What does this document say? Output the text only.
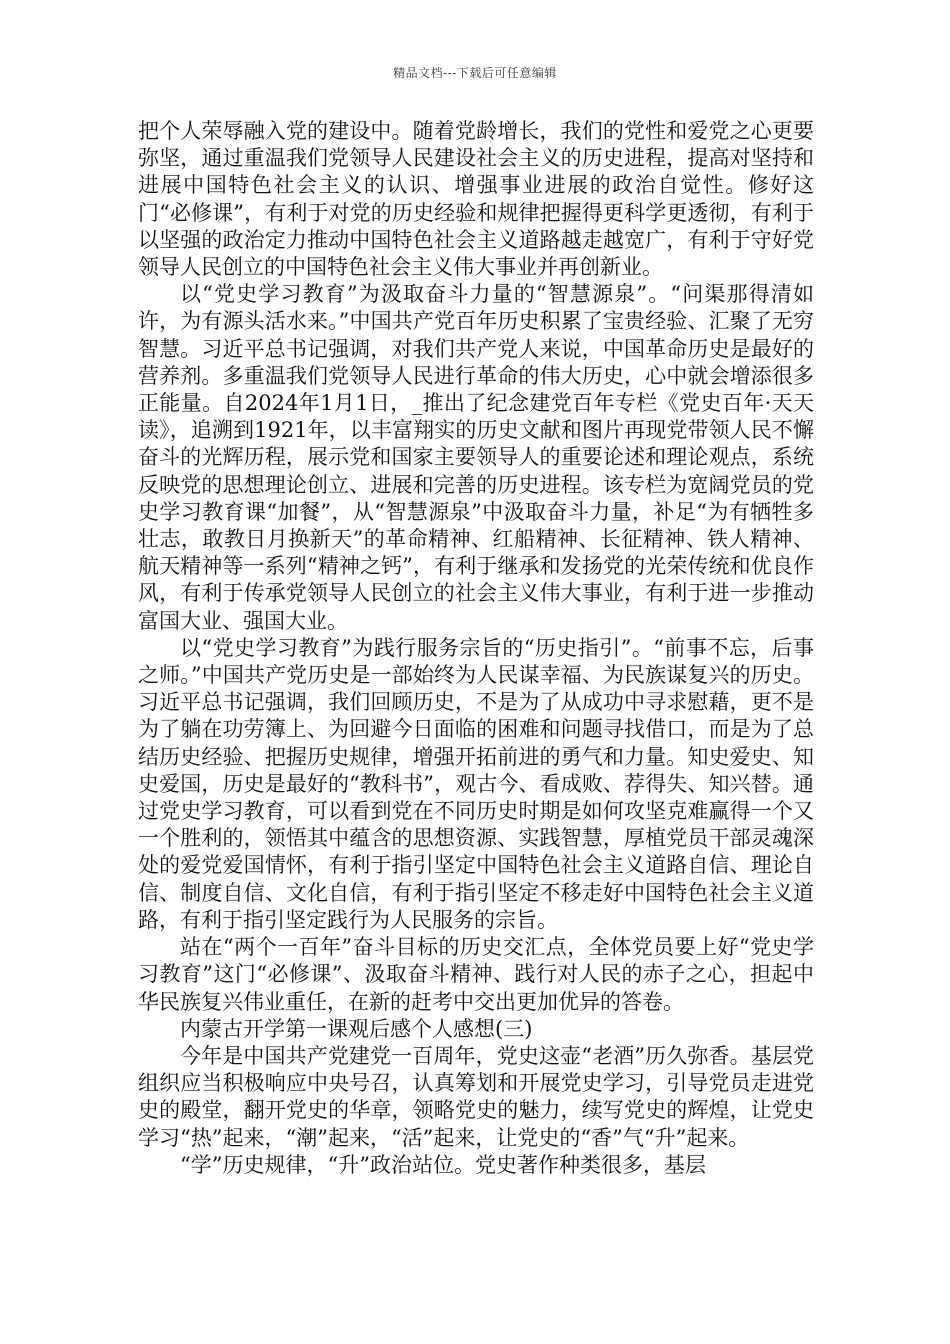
精品文档---下载后可任意编辑

把个人荣辱融入党的建设中。随着党龄增长，我们的党性和爱党之心更要弥坚，通过重温我们党领导人民建设社会主义的历史进程，提高对坚持和进展中国特色社会主义的认识、增强事业进展的政治自觉性。修好这门“必修课”，有利于对党的历史经验和规律把握得更科学更透彻，有利于以坚强的政治定力推动中国特色社会主义道路越走越宽广，有利于守好党领导人民创立的中国特色社会主义伟大事业并再创新业。

以“党史学习教育”为汲取奋斗力量的“智慧源泉”。“问渠那得清如许，为有源头活水来。”中国共产党百年历史积累了宝贵经验、汇聚了无穷智慧。习近平总书记强调，对我们共产党人来说，中国革命历史是最好的营养剂。多重温我们党领导人民进行革命的伟大历史，心中就会增添很多正能量。自2024年1月1日，_推出了纪念建党百年专栏《党史百年·天天读》，追溯到1921年，以丰富翔实的历史文献和图片再现党带领人民不懈奋斗的光辉历程，展示党和国家主要领导人的重要论述和理论观点，系统反映党的思想理论创立、进展和完善的历史进程。该专栏为宽阔党员的党史学习教育课“加餐”，从“智慧源泉”中汲取奋斗力量，补足“为有牺牲多壮志，敢教日月换新天”的革命精神、红船精神、长征精神、铁人精神、航天精神等一系列“精神之钙”，有利于继承和发扬党的光荣传统和优良作风，有利于传承党领导人民创立的社会主义伟大事业，有利于进一步推动富国大业、强国大业。

以“党史学习教育”为践行服务宗旨的“历史指引”。“前事不忘，后事之师。”中国共产党历史是一部始终为人民谋幸福、为民族谋复兴的历史。习近平总书记强调，我们回顾历史，不是为了从成功中寻求慰藉，更不是为了躺在功劳簿上、为回避今日面临的困难和问题寻找借口，而是为了总结历史经验、把握历史规律，增强开拓前进的勇气和力量。知史爱史、知史爱国，历史是最好的“教科书”，观古今、看成败、荐得失、知兴替。通过党史学习教育，可以看到党在不同历史时期是如何攻坚克难赢得一个又一个胜利的，领悟其中蕴含的思想资源、实践智慧，厚植党员干部灵魂深处的爱党爱国情怀，有利于指引坚定中国特色社会主义道路自信、理论自信、制度自信、文化自信，有利于指引坚定不移走好中国特色社会主义道路，有利于指引坚定践行为人民服务的宗旨。

站在“两个一百年”奋斗目标的历史交汇点，全体党员要上好“党史学习教育”这门“必修课”、汲取奋斗精神、践行对人民的赤子之心，担起中华民族复兴伟业重任，在新的赶考中交出更加优异的答卷。

内蒙古开学第一课观后感个人感想(三)

今年是中国共产党建党一百周年，党史这壶“老酒”历久弥香。基层党组织应当积极响应中央号召，认真筹划和开展党史学习，引导党员走进党史的殿堂，翻开党史的华章，领略党史的魅力，续写党史的辉煌，让党史学习“热”起来，“潮”起来，“活”起来，让党史的“香”气“升”起来。

“学”历史规律，“升”政治站位。党史著作种类很多，基层
